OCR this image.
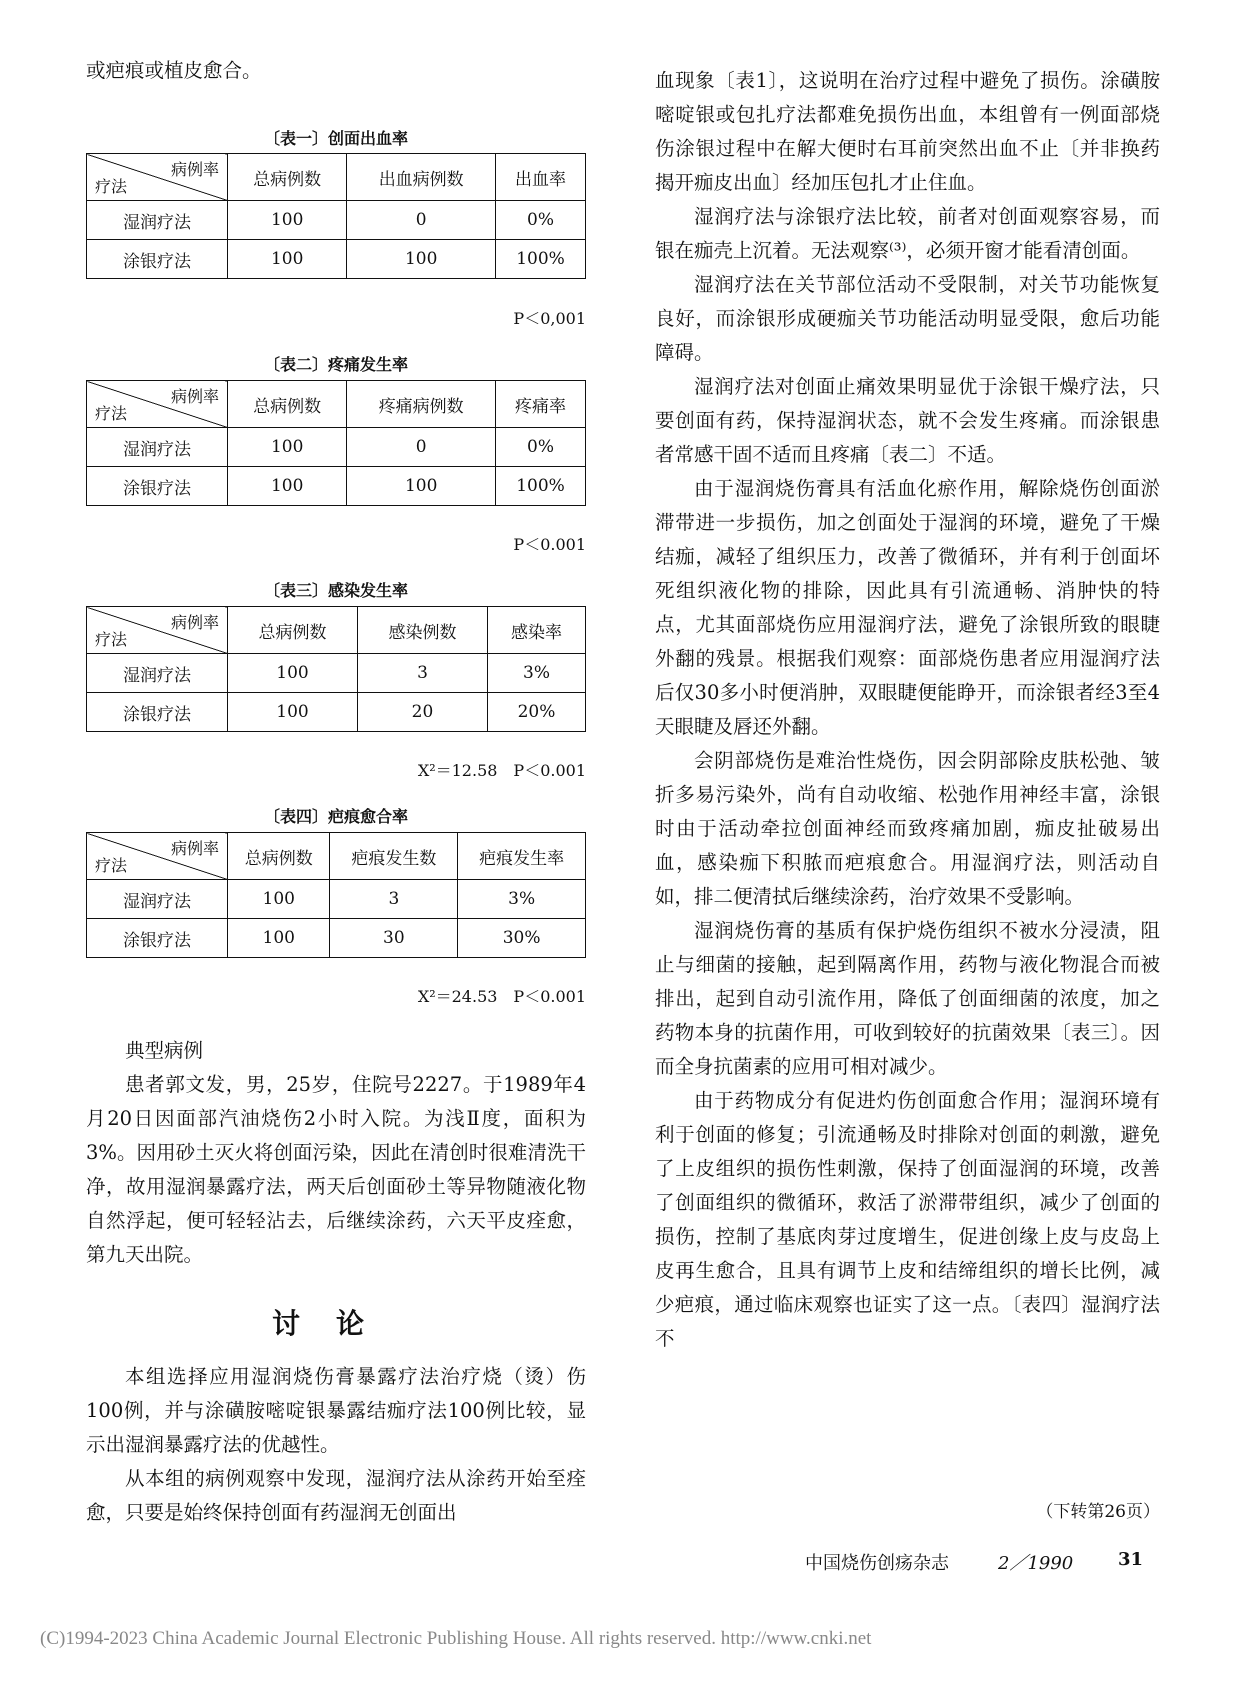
或疤痕或植皮愈合。

〔表一〕创面出血率
病例率
疗法	总病例数	出血病例数	出血率
湿润疗法	100	0	0%
涂银疗法	100	100	100%
P＜0,001
〔表二〕疼痛发生率
病例率
疗法	总病例数	疼痛病例数	疼痛率
湿润疗法	100	0	0%
涂银疗法	100	100	100%
P＜0.001
〔表三〕感染发生率
病例率
疗法	总病例数	感染例数	感染率
湿润疗法	100	3	3%
涂银疗法	100	20	20%
X²＝12.58　P＜0.001
〔表四〕疤痕愈合率
病例率
疗法	总病例数	疤痕发生数	疤痕发生率
湿润疗法	100	3	3%
涂银疗法	100	30	30%
X²＝24.53　P＜0.001

典型病例

患者郭文发，男，25岁，住院号2227。于1989年4月20日因面部汽油烧伤2小时入院。为浅Ⅱ度，面积为3%。因用砂土灭火将创面污染，因此在清创时很难清洗干净，故用湿润暴露疗法，两天后创面砂土等异物随液化物自然浮起，便可轻轻沾去，后继续涂药，六天平皮痊愈，第九天出院。

讨论

本组选择应用湿润烧伤膏暴露疗法治疗烧（烫）伤100例，并与涂磺胺嘧啶银暴露结痂疗法100例比较，显示出湿润暴露疗法的优越性。

从本组的病例观察中发现，湿润疗法从涂药开始至痊愈，只要是始终保持创面有药湿润无创面出

血现象〔表1〕，这说明在治疗过程中避免了损伤。涂磺胺嘧啶银或包扎疗法都难免损伤出血，本组曾有一例面部烧伤涂银过程中在解大便时右耳前突然出血不止〔并非换药揭开痂皮出血〕经加压包扎才止住血。

湿润疗法与涂银疗法比较，前者对创面观察容易，而银在痂壳上沉着。无法观察⁽³⁾，必须开窗才能看清创面。

湿润疗法在关节部位活动不受限制，对关节功能恢复良好，而涂银形成硬痂关节功能活动明显受限，愈后功能障碍。

湿润疗法对创面止痛效果明显优于涂银干燥疗法，只要创面有药，保持湿润状态，就不会发生疼痛。而涂银患者常感干固不适而且疼痛〔表二〕不适。

由于湿润烧伤膏具有活血化瘀作用，解除烧伤创面淤滞带进一步损伤，加之创面处于湿润的环境，避免了干燥结痂，减轻了组织压力，改善了微循环，并有利于创面坏死组织液化物的排除，因此具有引流通畅、消肿快的特点，尤其面部烧伤应用湿润疗法，避免了涂银所致的眼睫外翻的残景。根据我们观察：面部烧伤患者应用湿润疗法后仅30多小时便消肿，双眼睫便能睁开，而涂银者经3至4天眼睫及唇还外翻。

会阴部烧伤是难治性烧伤，因会阴部除皮肤松弛、皱折多易污染外，尚有自动收缩、松弛作用神经丰富，涂银时由于活动牵拉创面神经而致疼痛加剧，痂皮扯破易出血，感染痂下积脓而疤痕愈合。用湿润疗法，则活动自如，排二便清拭后继续涂药，治疗效果不受影响。

湿润烧伤膏的基质有保护烧伤组织不被水分浸渍，阻止与细菌的接触，起到隔离作用，药物与液化物混合而被排出，起到自动引流作用，降低了创面细菌的浓度，加之药物本身的抗菌作用，可收到较好的抗菌效果〔表三〕。因而全身抗菌素的应用可相对减少。

由于药物成分有促进灼伤创面愈合作用；湿润环境有利于创面的修复；引流通畅及时排除对创面的刺激，避免了上皮组织的损伤性刺激，保持了创面湿润的环境，改善了创面组织的微循环，救活了淤滞带组织，减少了创面的损伤，控制了基底肉芽过度增生，促进创缘上皮与皮岛上皮再生愈合，且具有调节上皮和结缔组织的增长比例，减少疤痕，通过临床观察也证实了这一点。〔表四〕湿润疗法不

（下转第26页）
中国烧伤创疡杂志	2／1990 31
(C)1994-2023 China Academic Journal Electronic Publishing House. All rights reserved. http://www.cnki.net
